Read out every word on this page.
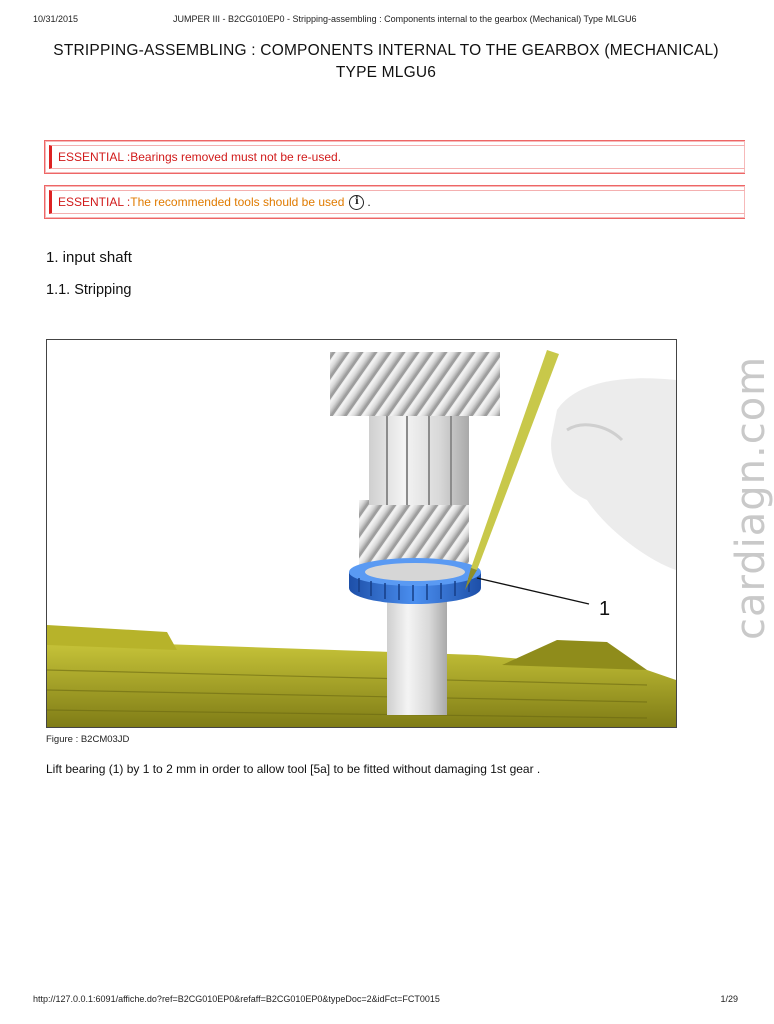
10/31/2015	JUMPER III - B2CG010EP0 - Stripping-assembling : Components internal to the gearbox (Mechanical) Type MLGU6
STRIPPING-ASSEMBLING : COMPONENTS INTERNAL TO THE GEARBOX (MECHANICAL)
TYPE MLGU6
ESSENTIAL : Bearings removed must not be re-used.
ESSENTIAL : The recommended tools should be used	i .
1. input shaft
1.1. Stripping
1
Figure : B2CM03JD
Lift bearing (1) by 1 to 2 mm in order to allow tool [5a] to be fitted without damaging 1st gear .
cardiagn.com
http://127.0.0.1:6091/affiche.do?ref=B2CG010EP0&refaff=B2CG010EP0&typeDoc=2&idFct=FCT0015	1/29
